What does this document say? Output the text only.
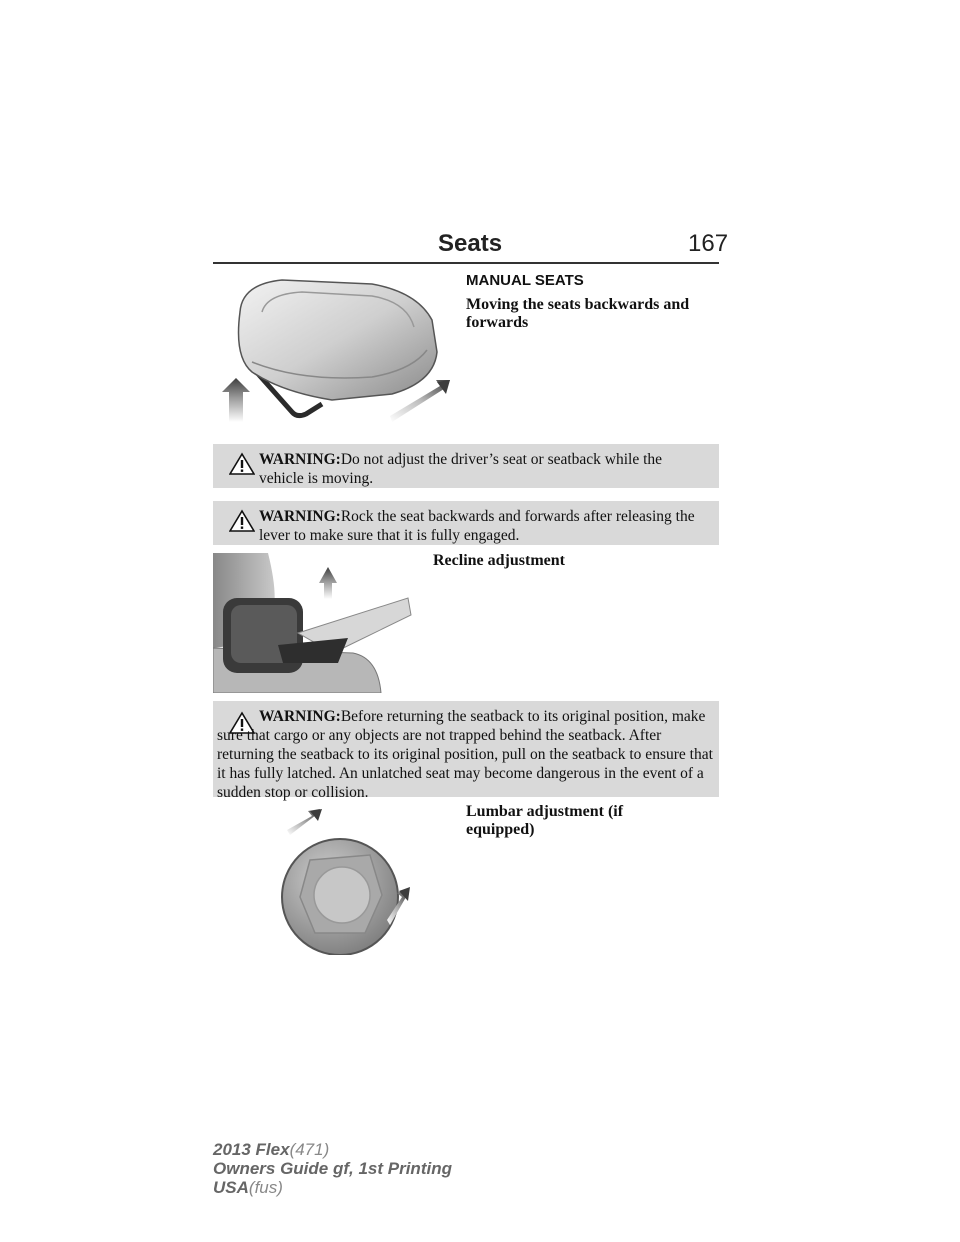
Seats	167
MANUAL SEATS
Moving the seats backwards and forwards

WARNING:Do not adjust the driver’s seat or seatback while the vehicle is moving.

WARNING:Rock the seat backwards and forwards after releasing the lever to make sure that it is fully engaged.

Recline adjustment

WARNING:Before returning the seatback to its original position, make sure that cargo or any objects are not trapped behind the seatback. After returning the seatback to its original position, pull on the seatback to ensure that it has fully latched. An unlatched seat may become dangerous in the event of a sudden stop or collision.

Lumbar adjustment (if equipped)
2013 Flex(471)
Owners Guide gf, 1st Printing
USA(fus)
